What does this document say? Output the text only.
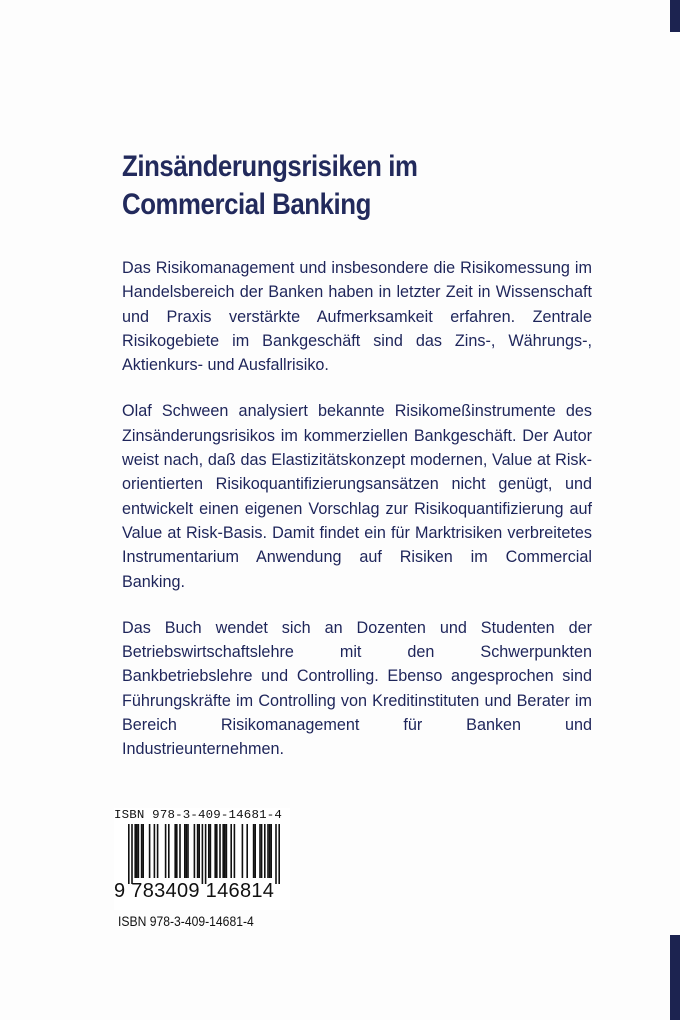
Zinsänderungsrisiken im
Commercial Banking

Das Risikomanagement und insbesondere die Risikomessung im Handelsbereich der Banken haben in letzter Zeit in Wissenschaft und Praxis verstärkte Aufmerksamkeit erfahren. Zentrale Risikogebiete im Bankgeschäft sind das Zins-, Währungs-, Aktienkurs- und Ausfallrisiko.

Olaf Schween analysiert bekannte Risikomeßinstrumente des Zinsänderungsrisikos im kommerziellen Bankgeschäft. Der Autor weist nach, daß das Elastizitätskonzept modernen, Value at Risk-orientierten Risikoquantifizierungsansätzen nicht genügt, und entwickelt einen eigenen Vorschlag zur Risikoquantifizierung auf Value at Risk-Basis. Damit findet ein für Marktrisiken verbreitetes Instrumentarium Anwendung auf Risiken im Commercial Banking.

Das Buch wendet sich an Dozenten und Studenten der Betriebswirtschaftslehre mit den Schwerpunkten Bankbetriebslehre und Controlling. Ebenso angesprochen sind Führungskräfte im Controlling von Kreditinstituten und Berater im Bereich Risikomanagement für Banken und Industrieunternehmen.

ISBN 978-3-409-14681-4
9 783409 146814
ISBN 978-3-409-14681-4
